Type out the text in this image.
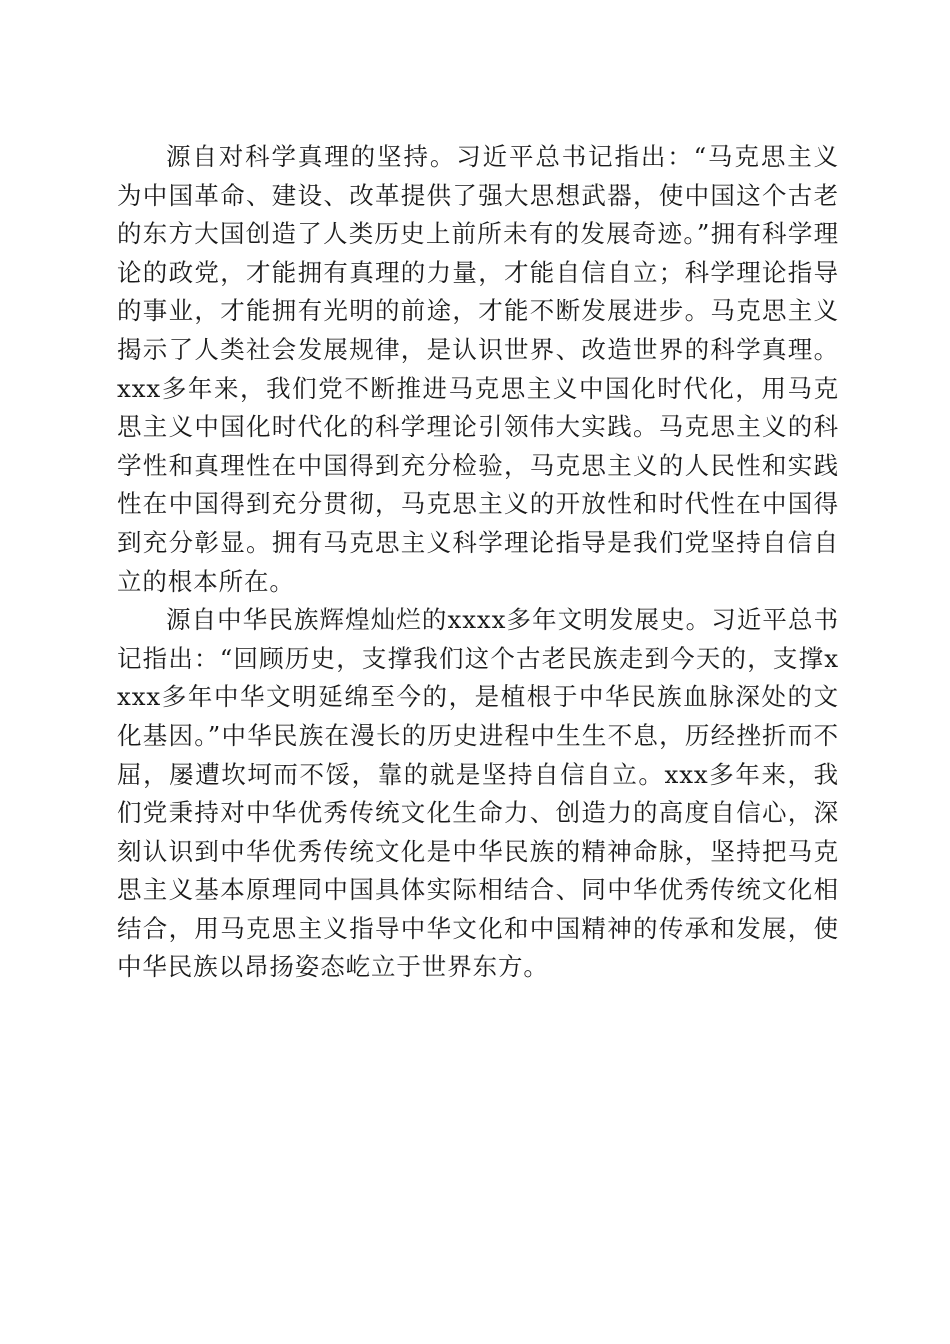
源自对科学真理的坚持。习近平总书记指出：“马克思主义为中国革命、建设、改革提供了强大思想武器，使中国这个古老的东方大国创造了人类历史上前所未有的发展奇迹。”拥有科学理论的政党，才能拥有真理的力量，才能自信自立；科学理论指导的事业，才能拥有光明的前途，才能不断发展进步。马克思主义揭示了人类社会发展规律，是认识世界、改造世界的科学真理。xxx多年来，我们党不断推进马克思主义中国化时代化，用马克思主义中国化时代化的科学理论引领伟大实践。马克思主义的科学性和真理性在中国得到充分检验，马克思主义的人民性和实践性在中国得到充分贯彻，马克思主义的开放性和时代性在中国得到充分彰显。拥有马克思主义科学理论指导是我们党坚持自信自立的根本所在。

源自中华民族辉煌灿烂的xxxx多年文明发展史。习近平总书记指出：“回顾历史，支撑我们这个古老民族走到今天的，支撑xxxx多年中华文明延绵至今的，是植根于中华民族血脉深处的文化基因。”中华民族在漫长的历史进程中生生不息，历经挫折而不屈，屡遭坎坷而不馁，靠的就是坚持自信自立。xxx多年来，我们党秉持对中华优秀传统文化生命力、创造力的高度自信心，深刻认识到中华优秀传统文化是中华民族的精神命脉，坚持把马克思主义基本原理同中国具体实际相结合、同中华优秀传统文化相结合，用马克思主义指导中华文化和中国精神的传承和发展，使中华民族以昂扬姿态屹立于世界东方。
